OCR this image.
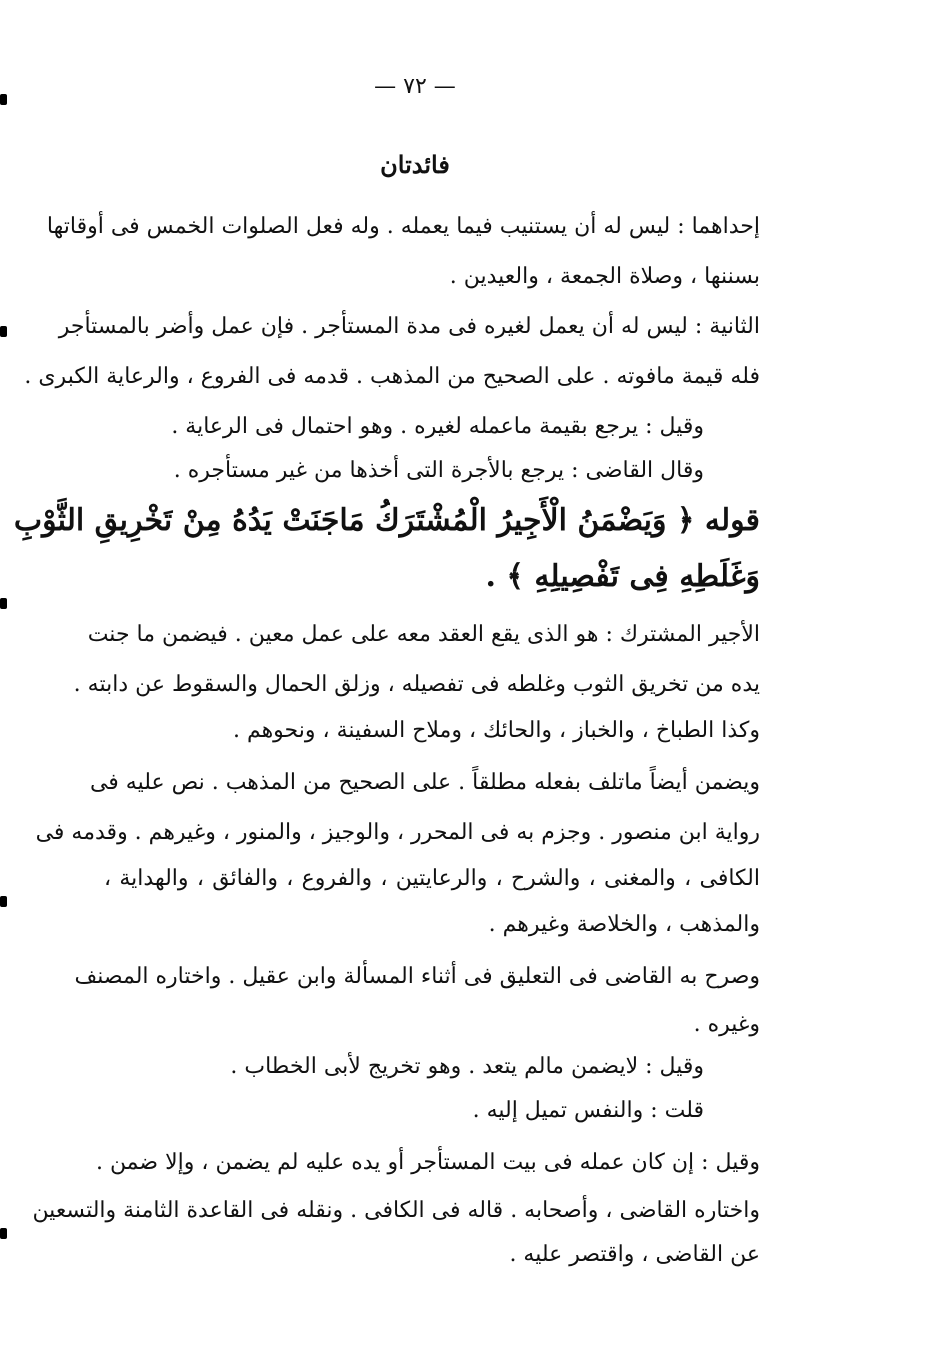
— ٧٢ —
فائدتان
إحداهما : ليس له أن يستنيب فيما يعمله . وله فعل الصلوات الخمس فى أوقاتها
بسننها ، وصلاة الجمعة ، والعيدين .
الثانية : ليس له أن يعمل لغيره فى مدة المستأجر . فإن عمل وأضر بالمستأجر
فله قيمة مافوته . على الصحيح من المذهب . قدمه فى الفروع ، والرعاية الكبرى .
وقيل : يرجع بقيمة ماعمله لغيره . وهو احتمال فى الرعاية .
وقال القاضى : يرجع بالأجرة التى أخذها من غير مستأجره .
قوله ﴿ وَيَضْمَنُ الْأَجِيرُ الْمُشْتَرَكُ مَاجَنَتْ يَدُهُ مِنْ تَخْرِيقِ الثَّوْبِ
وَغَلَطِهِ فِى تَفْصِيلِهِ ﴾ .
الأجير المشترك : هو الذى يقع العقد معه على عمل معين . فيضمن ما جنت
يده من تخريق الثوب وغلطه فى تفصيله ، وزلق الحمال والسقوط عن دابته .
وكذا الطباخ ، والخباز ، والحائك ، وملاح السفينة ، ونحوهم .
ويضمن أيضاً ماتلف بفعله مطلقاً . على الصحيح من المذهب . نص عليه فى
رواية ابن منصور . وجزم به فى المحرر ، والوجيز ، والمنور ، وغيرهم . وقدمه فى
الكافى ، والمغنى ، والشرح ، والرعايتين ، والفروع ، والفائق ، والهداية ،
والمذهب ، والخلاصة وغيرهم .
وصرح به القاضى فى التعليق فى أثناء المسألة وابن عقيل . واختاره المصنف
وغيره .
وقيل : لايضمن مالم يتعد . وهو تخريج لأبى الخطاب .
قلت : والنفس تميل إليه .
وقيل : إن كان عمله فى بيت المستأجر أو يده عليه لم يضمن ، وإلا ضمن .
واختاره القاضى ، وأصحابه . قاله فى الكافى . ونقله فى القاعدة الثامنة والتسعين
عن القاضى ، واقتصر عليه .
